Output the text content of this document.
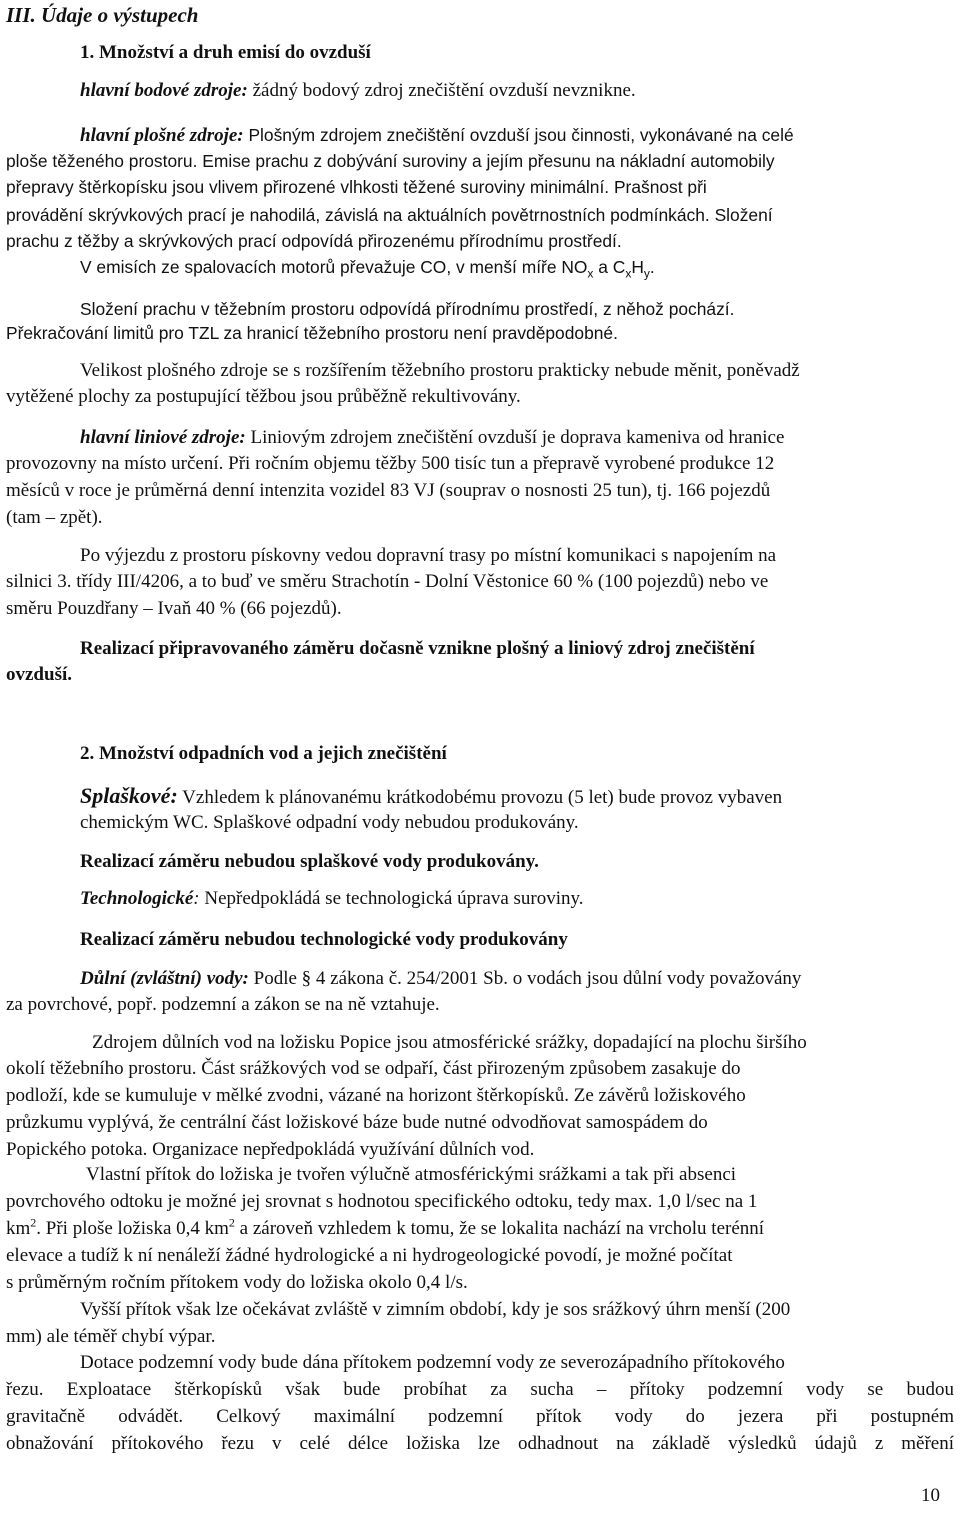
III. Údaje o výstupech
1. Množství a druh emisí do ovzduší
hlavní bodové zdroje: žádný bodový zdroj znečištění ovzduší nevznikne.
hlavní plošné zdroje: Plošným zdrojem znečištění ovzduší jsou činnosti, vykonávané na celé
ploše těženého prostoru. Emise prachu z dobývání suroviny a jejím přesunu na nákladní automobily
přepravy štěrkopísku jsou vlivem přirozené vlhkosti těžené suroviny minimální. Prašnost při
provádění skrývkových prací je nahodilá, závislá na aktuálních povětrnostních podmínkách. Složení
prachu z těžby a skrývkových prací odpovídá přirozenému přírodnímu prostředí.
V emisích ze spalovacích motorů převažuje CO, v menší míře $NO_x$ a $C_xH_y$.
Složení prachu v těžebním prostoru odpovídá přírodnímu prostředí, z něhož pochází.
Překračování limitů pro TZL za hranicí těžebního prostoru není pravděpodobné.
Velikost plošného zdroje se s rozšířením těžebního prostoru prakticky nebude měnit, poněvadž
vytěžené plochy za postupující těžbou jsou průběžně rekultivovány.
hlavní liniové zdroje: Liniovým zdrojem znečištění ovzduší je doprava kameniva od hranice
provozovny na místo určení. Při ročním objemu těžby 500 tisíc tun a přepravě vyrobené produkce 12
měsíců v roce je průměrná denní intenzita vozidel 83 VJ (souprav o nosnosti 25 tun), tj. 166 pojezdů
(tam – zpět).
Po výjezdu z prostoru pískovny vedou dopravní trasy po místní komunikaci s napojením na
silnici 3. třídy III/4206, a to buď ve směru Strachotín - Dolní Věstonice 60 % (100 pojezdů) nebo ve
směru Pouzdřany – Ivaň 40 % (66 pojezdů).
Realizací připravovaného záměru dočasně vznikne plošný a liniový zdroj znečištění
ovzduší.
2. Množství odpadních vod a jejich znečištění
Splaškové: Vzhledem k plánovanému krátkodobému provozu (5 let) bude provoz vybaven
chemickým WC. Splaškové odpadní vody nebudou produkovány.
Realizací záměru nebudou splaškové vody produkovány.
Technologické: Nepředpokládá se technologická úprava suroviny.
Realizací záměru nebudou technologické vody produkovány
Důlní (zvláštní) vody: Podle § 4 zákona č. 254/2001 Sb. o vodách jsou důlní vody považovány
za povrchové, popř. podzemní a zákon se na ně vztahuje.
Zdrojem důlních vod na ložisku Popice jsou atmosférické srážky, dopadající na plochu širšího
okolí těžebního prostoru. Část srážkových vod se odpaří, část přirozeným způsobem zasakuje do
podloží, kde se kumuluje v mělké zvodni, vázané na horizont štěrkopísků. Ze závěrů ložiskového
průzkumu vyplývá, že centrální část ložiskové báze bude nutné odvodňovat samospádem do
Popického potoka. Organizace nepředpokládá využívání důlních vod.
Vlastní přítok do ložiska je tvořen výlučně atmosférickými srážkami a tak při absenci
povrchového odtoku je možné jej srovnat s hodnotou specifického odtoku, tedy max. 1,0 l/sec na 1
$km^2$. Při ploše ložiska 0,4 $km^2$ a zároveň vzhledem k tomu, že se lokalita nachází na vrcholu terénní
elevace a tudíž k ní nenáleží žádné hydrologické a ni hydrogeologické povodí, je možné počítat
s průměrným ročním přítokem vody do ložiska okolo 0,4 l/s.
Vyšší přítok však lze očekávat zvláště v zimním období, kdy je sos srážkový úhrn menší (200
mm) ale téměř chybí výpar.
Dotace podzemní vody bude dána přítokem podzemní vody ze severozápadního přítokového
řezu. Exploatace štěrkopísků však bude probíhat za sucha – přítoky podzemní vody se budou
gravitačně odvádět. Celkový maximální podzemní přítok vody do jezera při postupném
obnažování přítokového řezu v celé délce ložiska lze odhadnout na základě výsledků údajů z měření
10
